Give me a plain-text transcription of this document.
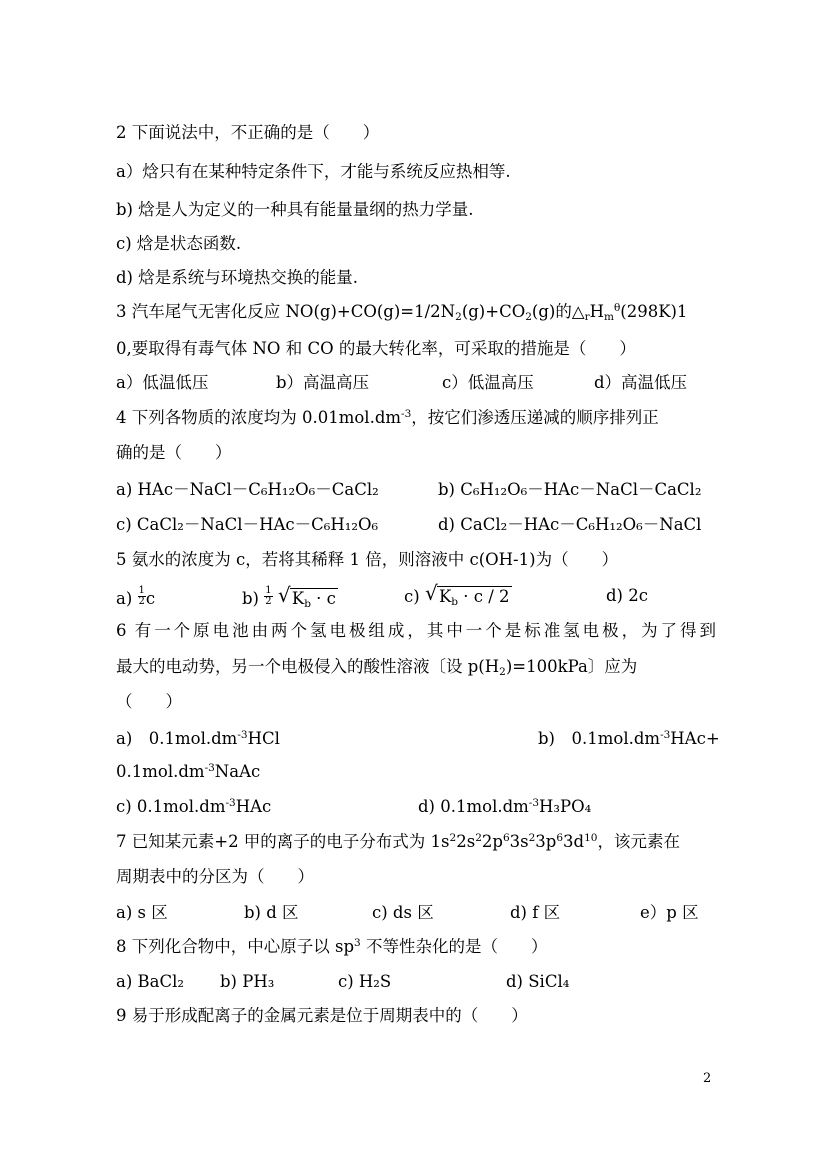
2 下面说法中，不正确的是（　　）
a）焓只有在某种特定条件下，才能与系统反应热相等.
b) 焓是人为定义的一种具有能量量纲的热力学量.
c) 焓是状态函数.
d) 焓是系统与环境热交换的能量.
3 汽车尾气无害化反应 $NO(g)+CO(g)=1/2N_2(g)+CO_2(g)$的$\triangle_rH_m^\theta(298K)1$
0,要取得有毒气体 NO 和 CO 的最大转化率，可采取的措施是（　　）
a）低温低压	b）高温高压	c）低温高压	d）高温低压
4 下列各物质的浓度均为 $0.01mol.dm^{-3}$，按它们渗透压递减的顺序排列正
确的是（　　）
a) HAc－NaCl－C₆H₁₂O₆－CaCl₂	b) C₆H₁₂O₆－HAc－NaCl－CaCl₂
c) CaCl₂－NaCl－HAc－C₆H₁₂O₆	d) CaCl₂－HAc－C₆H₁₂O₆－NaCl
5 氨水的浓度为 c，若将其稀释 1 倍，则溶液中 c(OH-1)为（　　）
$a) \frac{1}{2}$ c	$b) \frac{1}{2}$
√ $K_b \cdot c$	c) √ $K_b \cdot c / 2$	d) 2c
6 有一个原电池由两个氢电极组成，其中一个是标准氢电极，为了得到
最大的电动势，另一个电极侵入的酸性溶液〔设 $p(H_2)=100kPa$〕应为
（　　）
a)　$0.1mol.dm^{-3}HCl$	b)　$0.1mol.dm^{-3}HAc+$
$0.1mol.dm^{-3}NaAc$
c) $0.1mol.dm^{-3}HAc$	d) $0.1mol.dm^{-3}H_3PO_4$
7 已知某元素+2 甲的离子的电子分布式为 $1s^22s^22p^63s^23p^63d^{10}$，该元素在
周期表中的分区为（　　）
a) s 区	b) d 区	c) ds 区	d) f 区	e）p 区
8 下列化合物中，中心原子以 $sp^3$ 不等性杂化的是（　　）
a) BaCl₂ b) PH₃	c) H₂S	d) SiCl₄
9 易于形成配离子的金属元素是位于周期表中的（　　）
2
